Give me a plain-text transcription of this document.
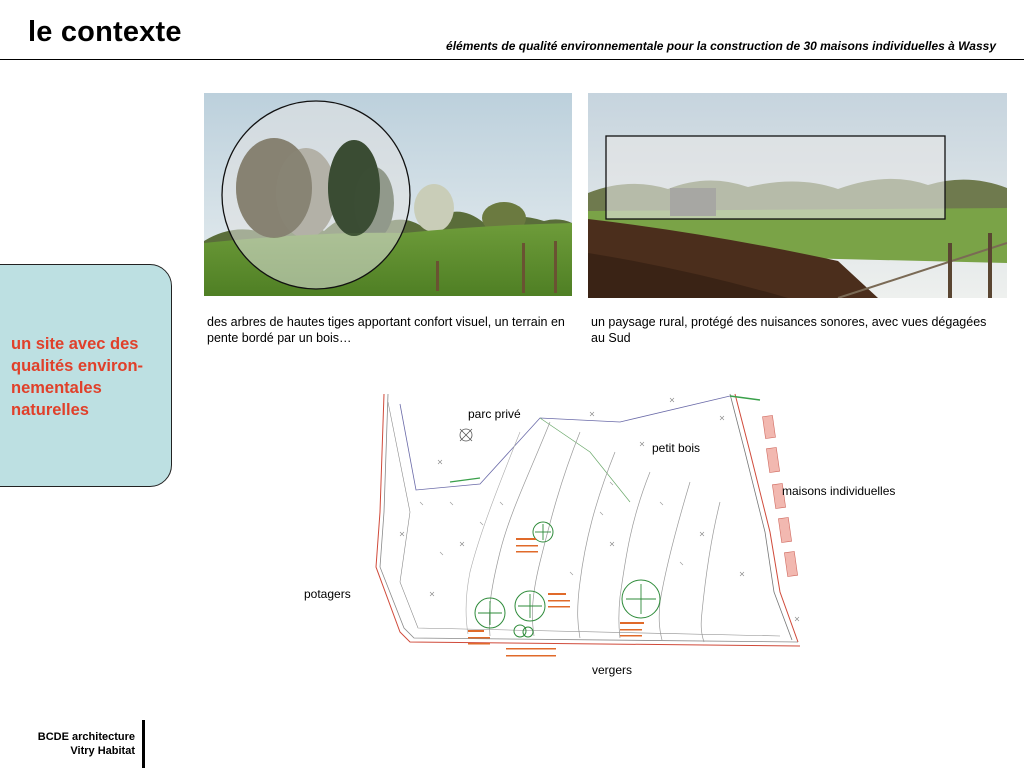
le contexte	éléments de qualité environnementale pour la construction de 30 maisons individuelles à Wassy
un site avec des qualités environ-nementales naturelles
des arbres de hautes tiges apportant confort visuel, un terrain en pente bordé par un bois…
un paysage rural, protégé des nuisances sonores, avec vues dégagées au Sud
parc privé
petit bois
maisons individuelles
potagers
vergers
BCDE architecture
Vitry Habitat
